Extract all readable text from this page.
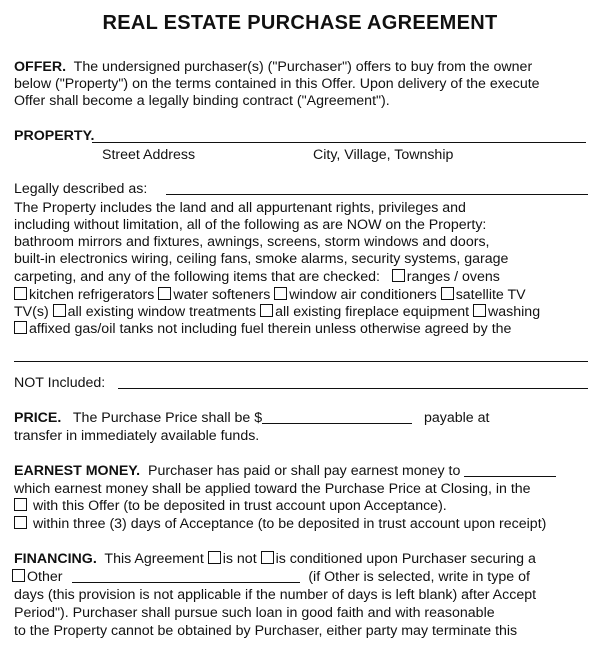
REAL ESTATE PURCHASE AGREEMENT
OFFER. The undersigned purchaser(s) ("Purchaser") offers to buy from the owner
below ("Property") on the terms contained in this Offer. Upon delivery of the execute
Offer shall become a legally binding contract ("Agreement").
PROPERTY.
Street Address	City, Village, Township
Legally described as:
The Property includes the land and all appurtenant rights, privileges and
including without limitation, all of the following as are NOW on the Property:
bathroom mirrors and fixtures, awnings, screens, storm windows and doors,
built-in electronics wiring, ceiling fans, smoke alarms, security systems, garage
carpeting, and any of the following items that are checked: ranges / ovens
kitchen refrigerators water softeners window air conditioners satellite TV
TV(s) all existing window treatments all existing fireplace equipment washing
affixed gas/oil tanks not including fuel therein unless otherwise agreed by the
NOT Included:
PRICE. The Purchase Price shall be $	payable at
transfer in immediately available funds.
EARNEST MONEY. Purchaser has paid or shall pay earnest money to
which earnest money shall be applied toward the Purchase Price at Closing, in the
with this Offer (to be deposited in trust account upon Acceptance).
within three (3) days of Acceptance (to be deposited in trust account upon receipt)
FINANCING. This Agreement is not is conditioned upon Purchaser securing a
Other	(if Other is selected, write in type of
days (this provision is not applicable if the number of days is left blank) after Accept
Period"). Purchaser shall pursue such loan in good faith and with reasonable
to the Property cannot be obtained by Purchaser, either party may terminate this
